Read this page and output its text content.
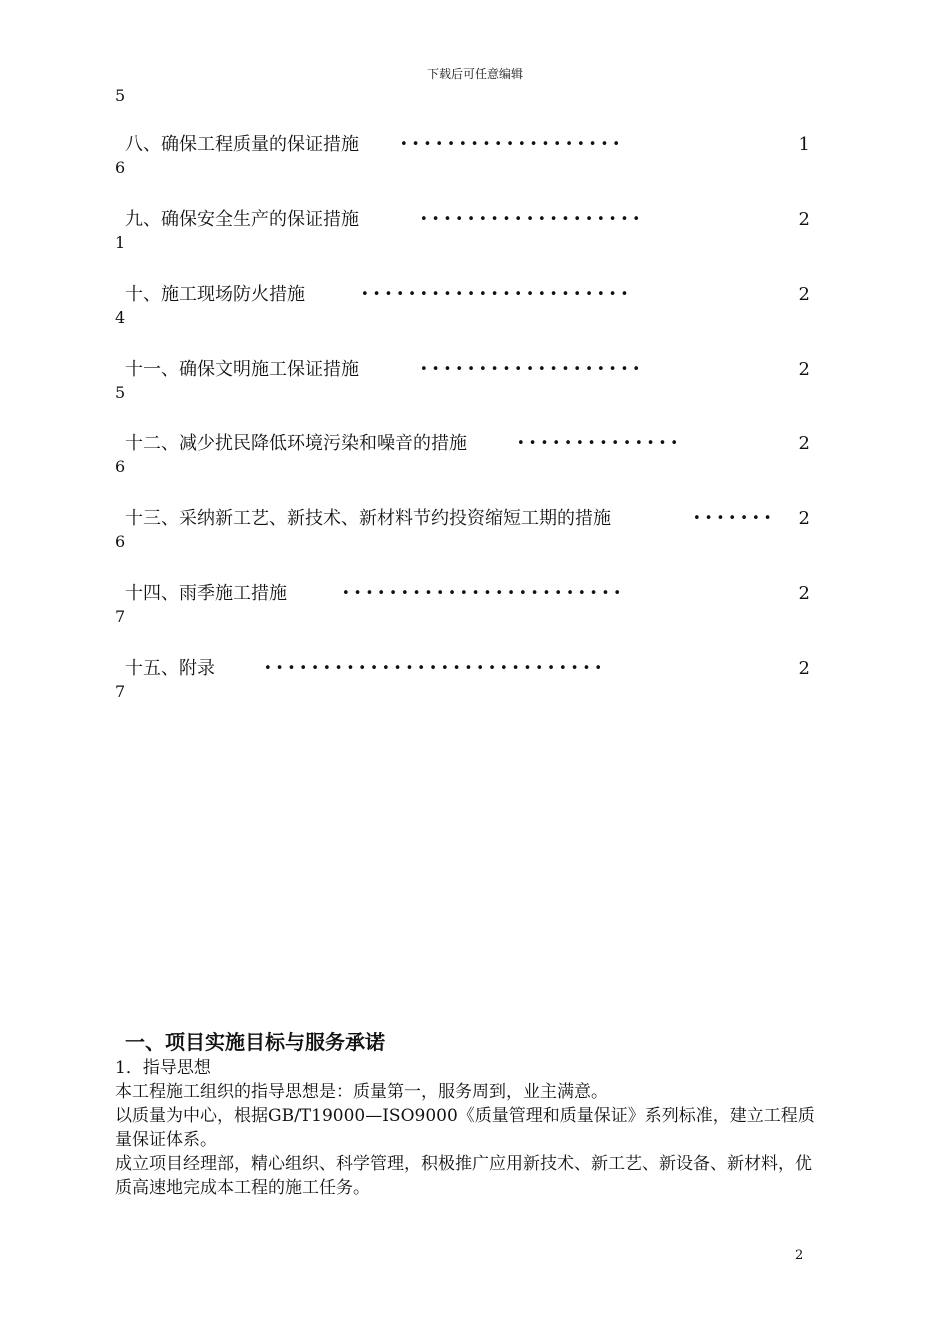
下载后可任意编辑
5
八、确保工程质量的保证措施	• • • • • • • • • • • • • • • • • • •	1
6
九、确保安全生产的保证措施	• • • • • • • • • • • • • • • • • • •	2
1
十、施工现场防火措施	• • • • • • • • • • • • • • • • • • • • • • •	2
4
十一、确保文明施工保证措施	• • • • • • • • • • • • • • • • • • •	2
5
十二、减少扰民降低环境污染和噪音的措施	• • • • • • • • • • • • • •	2
6
十三、采纳新工艺、新技术、新材料节约投资缩短工期的措施	• • • • • • • 2
6
十四、雨季施工措施	• • • • • • • • • • • • • • • • • • • • • • • •	2
7
十五、附录	• • • • • • • • • • • • • • • • • • • • • • • • • • • • •	2
7
一、项目实施目标与服务承诺
1．指导思想
本工程施工组织的指导思想是：质量第一，服务周到，业主满意。
以质量为中心，根据GB/T19000—ISO9000《质量管理和质量保证》系列标准，建立工程质量保证体系。
成立项目经理部，精心组织、科学管理，积极推广应用新技术、新工艺、新设备、新材料，优质高速地完成本工程的施工任务。
2
